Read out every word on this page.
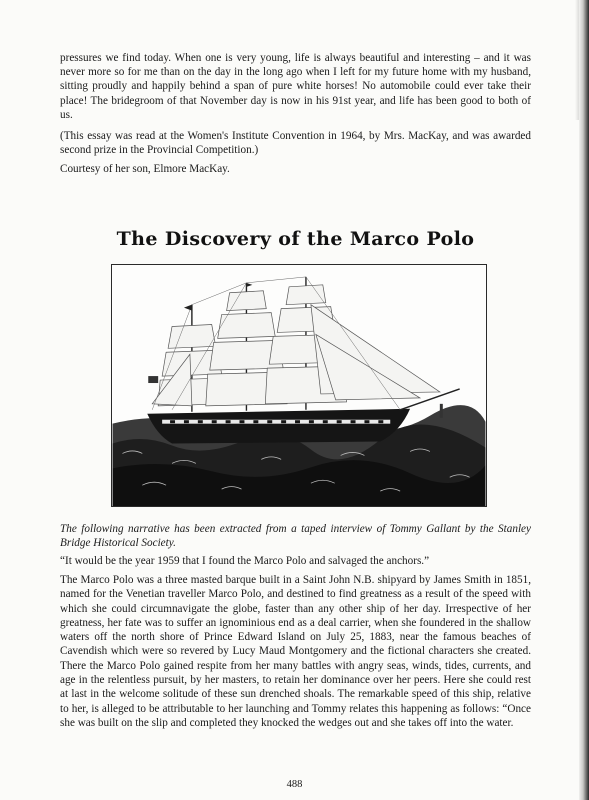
pressures we find today. When one is very young, life is always beautiful and interesting – and it was never more so for me than on the day in the long ago when I left for my future home with my husband, sitting proudly and happily behind a span of pure white horses! No automobile could ever take their place! The bridegroom of that November day is now in his 91st year, and life has been good to both of us.
(This essay was read at the Women's Institute Convention in 1964, by Mrs. MacKay, and was awarded second prize in the Provincial Competition.)
Courtesy of her son, Elmore MacKay.
The Discovery of the Marco Polo
The following narrative has been extracted from a taped interview of Tommy Gallant by the Stanley Bridge Historical Society.
“It would be the year 1959 that I found the Marco Polo and salvaged the anchors.”
The Marco Polo was a three masted barque built in a Saint John N.B. shipyard by James Smith in 1851, named for the Venetian traveller Marco Polo, and destined to find greatness as a result of the speed with which she could circumnavigate the globe, faster than any other ship of her day. Irrespective of her greatness, her fate was to suffer an ignominious end as a deal carrier, when she foundered in the shallow waters off the north shore of Prince Edward Island on July 25, 1883, near the famous beaches of Cavendish which were so revered by Lucy Maud Montgomery and the fictional characters she created. There the Marco Polo gained respite from her many battles with angry seas, winds, tides, currents, and age in the relentless pursuit, by her masters, to retain her dominance over her peers. Here she could rest at last in the welcome solitude of these sun drenched shoals. The remarkable speed of this ship, relative to her, is alleged to be attributable to her launching and Tommy relates this happening as follows: “Once she was built on the slip and completed they knocked the wedges out and she takes off into the water.
488
